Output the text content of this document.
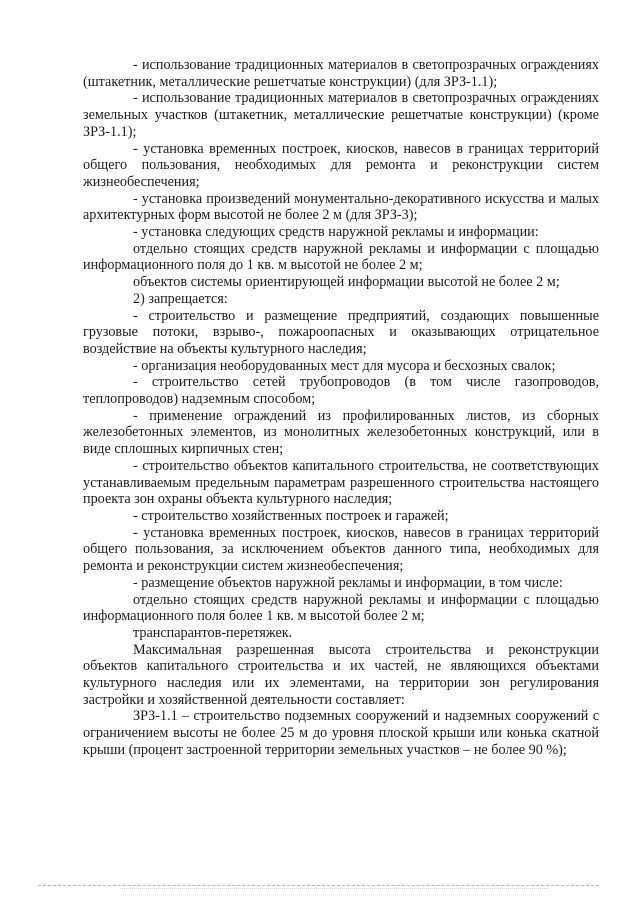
- использование традиционных материалов в светопрозрачных ограждениях (штакетник, металлические решетчатые конструкции) (для ЗРЗ-1.1);

- использование традиционных материалов в светопрозрачных ограждениях земельных участков (штакетник, металлические решетчатые конструкции) (кроме ЗРЗ-1.1);

- установка временных построек, киосков, навесов в границах территорий общего пользования, необходимых для ремонта и реконструкции систем жизнеобеспечения;

- установка произведений монументально-декоративного искусства и малых архитектурных форм высотой не более 2 м (для ЗРЗ-3);

- установка следующих средств наружной рекламы и информации:

отдельно стоящих средств наружной рекламы и информации с площадью информационного поля до 1 кв. м высотой не более 2 м;

объектов системы ориентирующей информации высотой не более 2 м;

2) запрещается:

- строительство и размещение предприятий, создающих повышенные грузовые потоки, взрыво-, пожароопасных и оказывающих отрицательное воздействие на объекты культурного наследия;

- организация необорудованных мест для мусора и бесхозных свалок;

- строительство сетей трубопроводов (в том числе газопроводов, теплопроводов) надземным способом;

- применение ограждений из профилированных листов, из сборных железобетонных элементов, из монолитных железобетонных конструкций, или в виде сплошных кирпичных стен;

- строительство объектов капитального строительства, не соответствующих устанавливаемым предельным параметрам разрешенного строительства настоящего проекта зон охраны объекта культурного наследия;

- строительство хозяйственных построек и гаражей;

- установка временных построек, киосков, навесов в границах территорий общего пользования, за исключением объектов данного типа, необходимых для ремонта и реконструкции систем жизнеобеспечения;

- размещение объектов наружной рекламы и информации, в том числе:

отдельно стоящих средств наружной рекламы и информации с площадью информационного поля более 1 кв. м высотой более 2 м;

транспарантов-перетяжек.

Максимальная разрешенная высота строительства и реконструкции объектов капитального строительства и их частей, не являющихся объектами культурного наследия или их элементами, на территории зон регулирования застройки и хозяйственной деятельности составляет:

ЗРЗ-1.1 – строительство подземных сооружений и надземных сооружений с ограничением высоты не более 25 м до уровня плоской крыши или конька скатной крыши (процент застроенной территории земельных участков – не более 90 %);
